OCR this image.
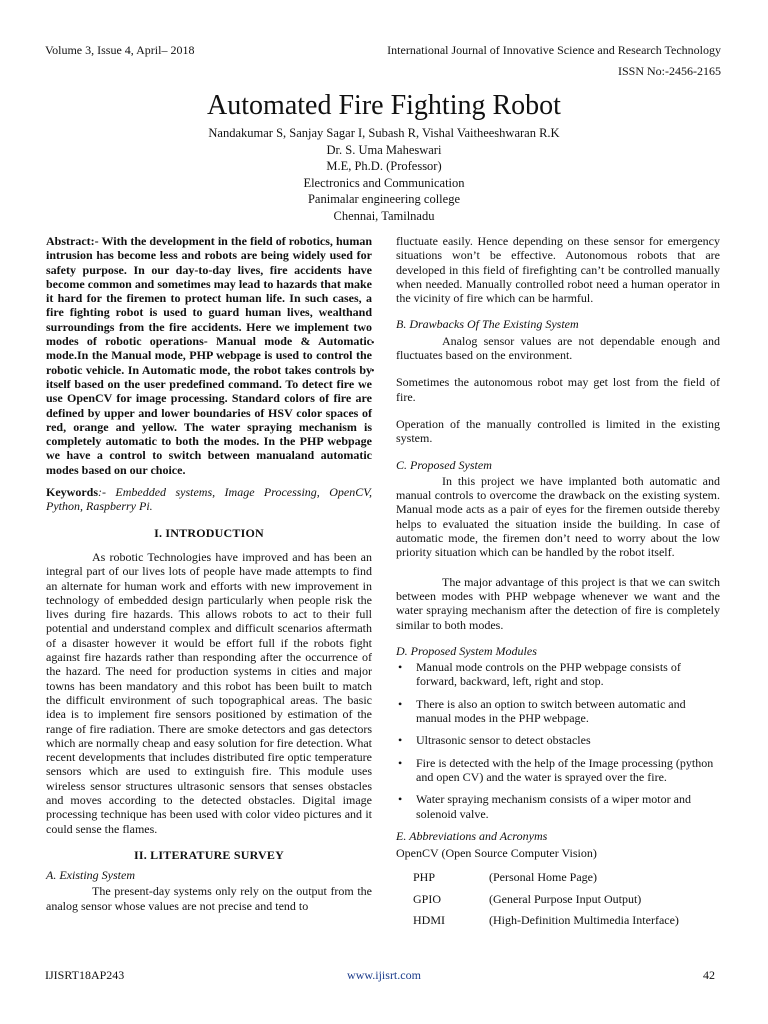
Volume 3, Issue 4, April– 2018	International Journal of Innovative Science and Research Technology
ISSN No:-2456-2165
Automated Fire Fighting Robot
Nandakumar S, Sanjay Sagar I, Subash R, Vishal Vaitheeshwaran R.K
Dr. S. Uma Maheswari
M.E, Ph.D. (Professor)
Electronics and Communication
Panimalar engineering college
Chennai, Tamilnadu
•
•

Abstract:- With the development in the field of robotics, human intrusion has become less and robots are being widely used for safety purpose. In our day-to-day lives, fire accidents have become common and sometimes may lead to hazards that make it hard for the firemen to protect human life. In such cases, a fire fighting robot is used to guard human lives, wealthand surroundings from the fire accidents. Here we implement two modes of robotic operations- Manual mode & Automatic mode.In the Manual mode, PHP webpage is used to control the robotic vehicle. In Automatic mode, the robot takes controls by itself based on the user predefined command. To detect fire we use OpenCV for image processing. Standard colors of fire are defined by upper and lower boundaries of HSV color spaces of red, orange and yellow. The water spraying mechanism is completely automatic to both the modes. In the PHP webpage we have a control to switch between manualand automatic modes based on our choice.

Keywords:- Embedded systems, Image Processing, OpenCV, Python, Raspberry Pi.

I. INTRODUCTION

As robotic Technologies have improved and has been an integral part of our lives lots of people have made attempts to find an alternate for human work and efforts with new improvement in technology of embedded design particularly when people risk the lives during fire hazards. This allows robots to act to their full potential and understand complex and difficult scenarios aftermath of a disaster however it would be effort full if the robots fight against fire hazards rather than responding after the occurrence of the hazard. The need for production systems in cities and major towns has been mandatory and this robot has been built to match the difficult environment of such topographical areas. The basic idea is to implement fire sensors positioned by estimation of the range of fire radiation. There are smoke detectors and gas detectors which are normally cheap and easy solution for fire detection. What recent developments that includes distributed fire optic temperature sensors which are used to extinguish fire. This module uses wireless sensor structures ultrasonic sensors that senses obstacles and moves according to the detected obstacles. Digital image processing technique has been used with color video pictures and it could sense the flames.

II. LITERATURE SURVEY
A. Existing System

The present-day systems only rely on the output from the analog sensor whose values are not precise and tend to

fluctuate easily. Hence depending on these sensor for emergency situations won’t be effective. Autonomous robots that are developed in this field of firefighting can’t be controlled manually when needed. Manually controlled robot need a human operator in the vicinity of fire which can be harmful.

B. Drawbacks Of The Existing System

Analog sensor values are not dependable enough and fluctuates based on the environment.

Sometimes the autonomous robot may get lost from the field of fire.

Operation of the manually controlled is limited in the existing system.

C. Proposed System

In this project we have implanted both automatic and manual controls to overcome the drawback on the existing system. Manual mode acts as a pair of eyes for the firemen outside thereby helps to evaluated the situation inside the building. In case of automatic mode, the firemen don’t need to worry about the low priority situation which can be handled by the robot itself.

The major advantage of this project is that we can switch between modes with PHP webpage whenever we want and the water spraying mechanism after the detection of fire is completely similar to both modes.

D. Proposed System Modules
• Manual mode controls on the PHP webpage consists of forward, backward, left, right and stop.
• There is also an option to switch between automatic and manual modes in the PHP webpage.
• Ultrasonic sensor to detect obstacles
• Fire is detected with the help of the Image processing (python and open CV) and the water is sprayed over the fire.
• Water spraying mechanism consists of a wiper motor and solenoid valve.
E. Abbreviations and Acronyms

OpenCV (Open Source Computer Vision)

PHP	(Personal Home Page)
GPIO	(General Purpose Input Output)
HDMI	(High-Definition Multimedia Interface)
IJISRT18AP243	www.ijisrt.com	42
